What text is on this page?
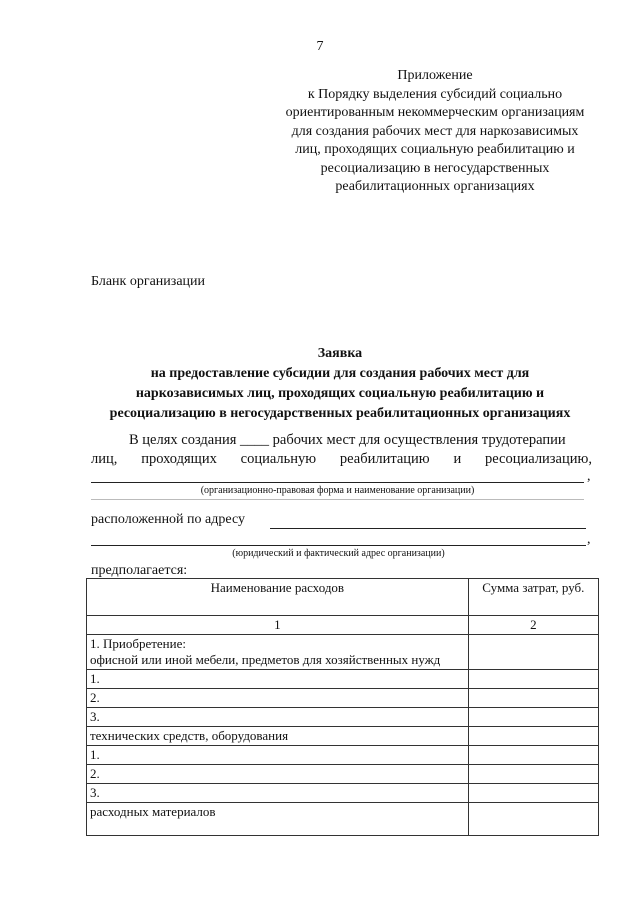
7
Приложение
к Порядку выделения субсидий социально
ориентированным некоммерческим организациям
для создания рабочих мест для наркозависимых
лиц, проходящих социальную реабилитацию и
ресоциализацию в негосударственных
реабилитационных организациях
Бланк организации
Заявка
на предоставление субсидии для создания рабочих мест для
наркозависимых лиц, проходящих социальную реабилитацию и
ресоциализацию в негосударственных реабилитационных организациях
В целях создания ____ рабочих мест для осуществления трудотерапии
лиц, проходящих социальную реабилитацию и ресоциализацию,
,
(организационно-правовая форма и наименование организации)
расположенной по адресу
,
(юридический и фактический адрес организации)
предполагается:
Наименование расходов	Сумма затрат, руб.
1	2

1. Приобретение:
офисной или иной мебели, предметов для хозяйственных нужд	

1.	
2.	
3.	
технических средств, оборудования	
1.	
2.	
3.	
расходных материалов	
